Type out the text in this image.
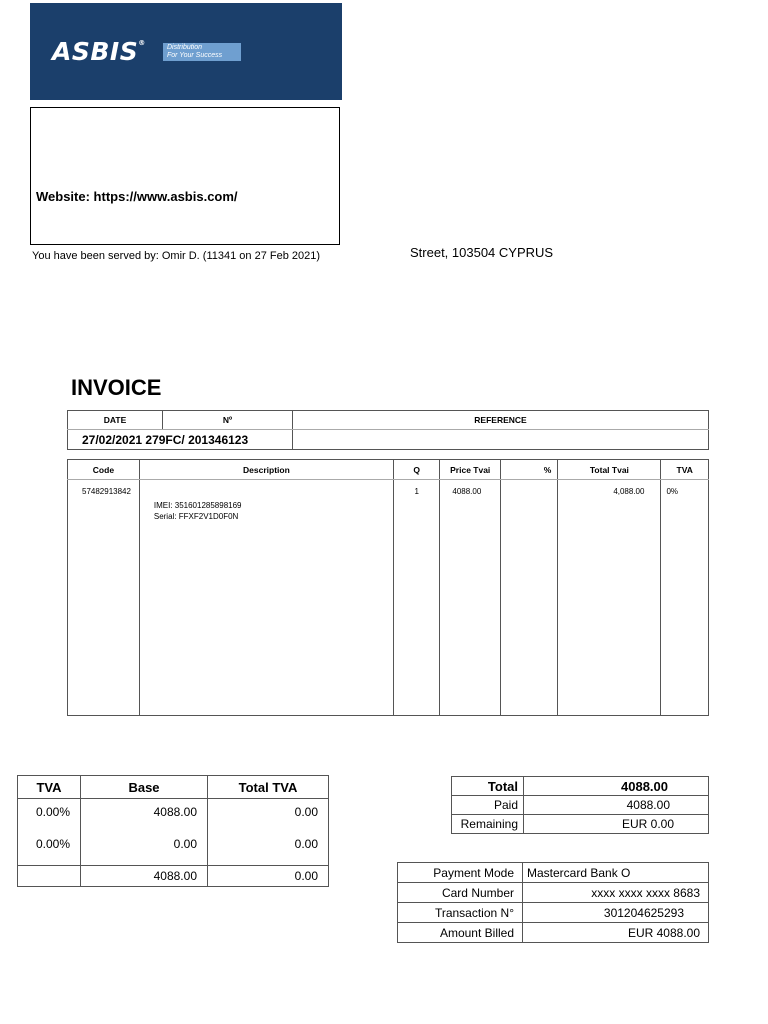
ASBIS®
Distribution
For Your Success
Website: https://www.asbis.com/
You have been served by: Omir D. (11341 on 27 Feb 2021)	Street, 103504 CYPRUS
INVOICE
DATE	Nº	REFERENCE
27/02/2021 279FC/ 201346123		
Code	Description	Q	Price Tvai	%	Total Tvai	TVA
57482913842	IMEI: 351601285898169
Serial: FFXF2V1D0F0N	1	4088.00		4,088.00	0%
TVA	Base	Total TVA
0.00%	4088.00	0.00
0.00%	0.00	0.00
	4088.00	0.00
Total	4088.00
Paid	4088.00
Remaining	EUR 0.00
Payment Mode	Mastercard Bank O
Card Number	xxxx xxxx xxxx 8683
Transaction N°	301204625293
Amount Billed	EUR 4088.00
